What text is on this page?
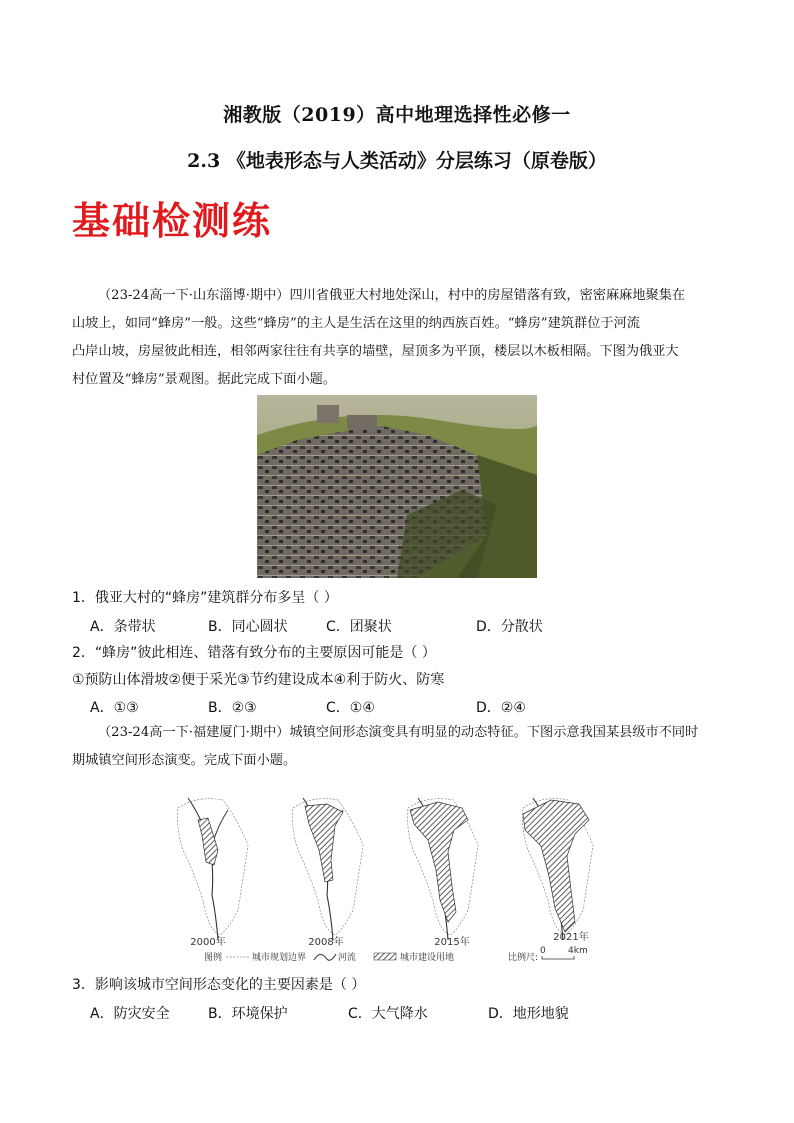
湘教版（2019）高中地理选择性必修一
2.3 《地表形态与人类活动》分层练习（原卷版）
基础检测练
（23-24高一下·山东淄博·期中）四川省俄亚大村地处深山，村中的房屋错落有致，密密麻麻地聚集在
山坡上，如同“蜂房”一般。这些“蜂房”的主人是生活在这里的纳西族百姓。“蜂房”建筑群位于河流
凸岸山坡，房屋彼此相连，相邻两家往往有共享的墙壁，屋顶多为平顶，楼层以木板相隔。下图为俄亚大
村位置及“蜂房”景观图。据此完成下面小题。
1．俄亚大村的“蜂房”建筑群分布多呈（ ）
A．条带状	B．同心圆状	C．团聚状	D．分散状
2．“蜂房”彼此相连、错落有致分布的主要原因可能是（ ）
①预防山体滑坡②便于采光③节约建设成本④利于防火、防寒
A．①③	B．②③	C．①④	D．②④
（23-24高一下·福建厦门·期中）城镇空间形态演变具有明显的动态特征。下图示意我国某县级市不同时
期城镇空间形态演变。完成下面小题。
2000年	2008年	2015年	2021年
图例	城市规划边界	河流	城市建设用地	比例尺:
0 4km
3．影响该城市空间形态变化的主要因素是（ ）
A．防灾安全	B．环境保护	C．大气降水	D．地形地貌
